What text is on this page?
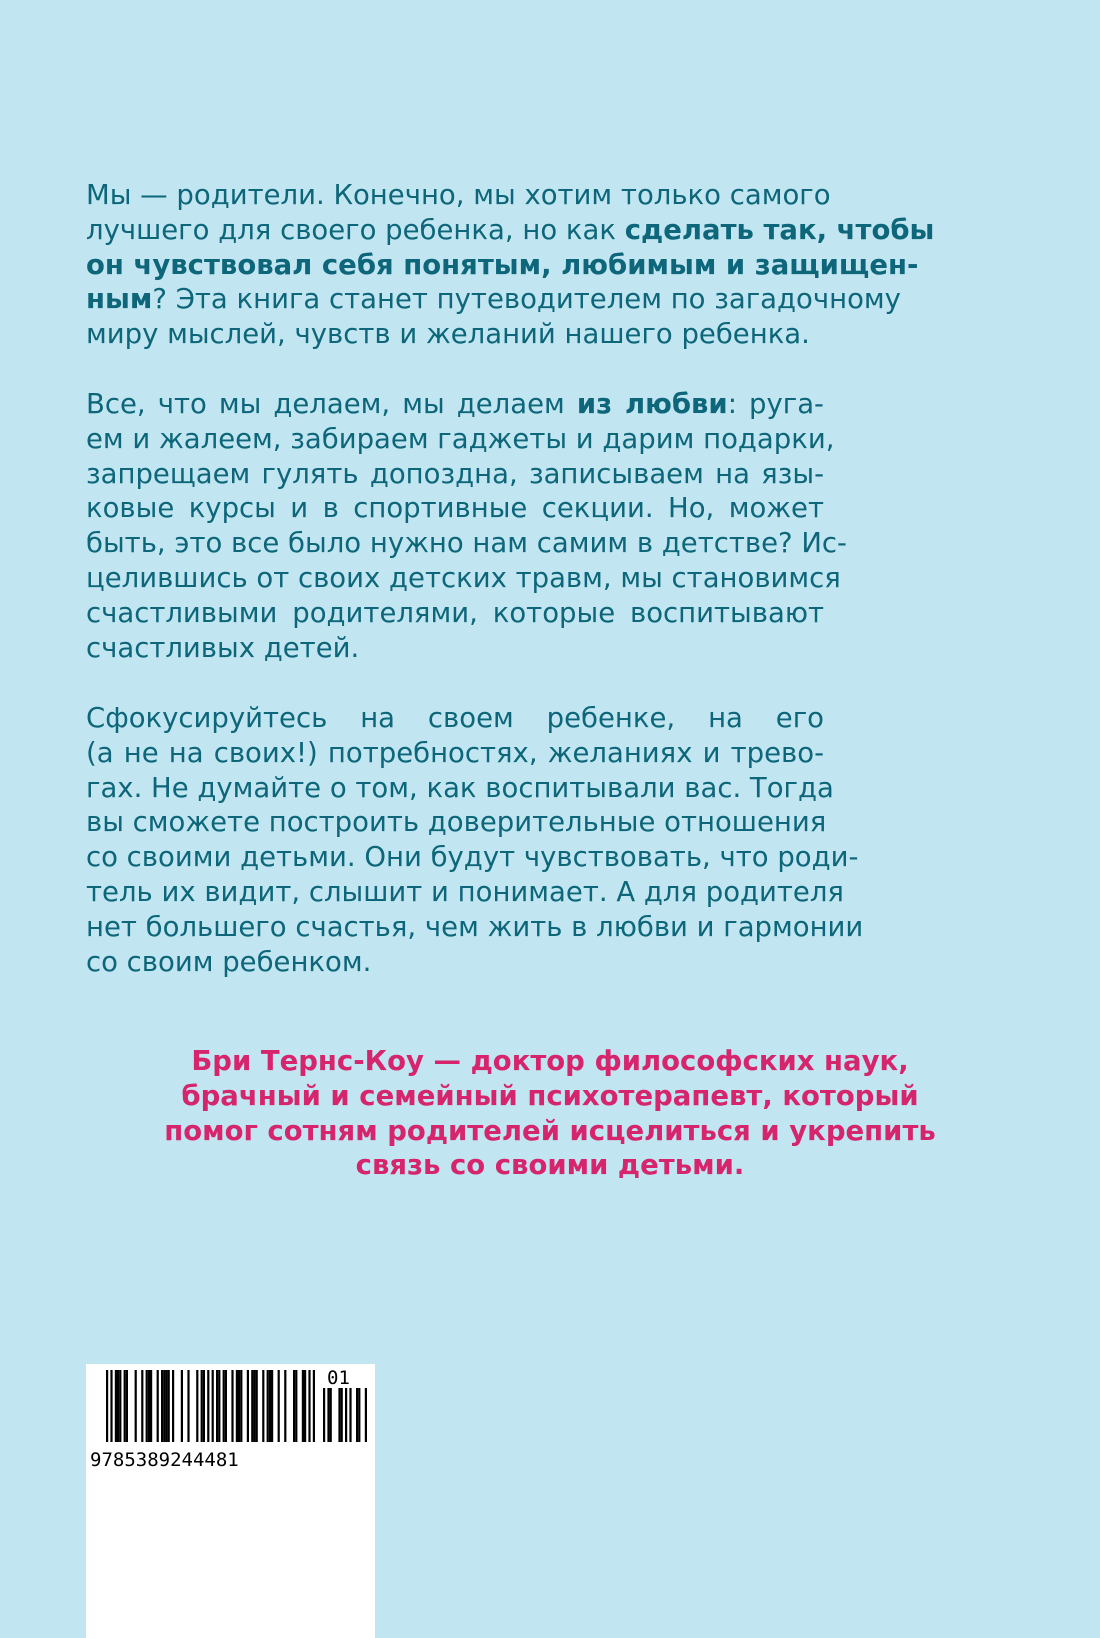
Мы — родители. Конечно, мы хотим только самого
лучшего для своего ребенка, но как сделать так, чтобы
он чувствовал себя понятым, любимым и защищен-
ным? Эта книга станет путеводителем по загадочному
миру мыслей, чувств и желаний нашего ребенка.
Все, что мы делаем, мы делаем из любви: руга-
ем и жалеем, забираем гаджеты и дарим подарки,
запрещаем гулять допоздна, записываем на язы-
ковые курсы и в спортивные секции. Но, может
быть, это все было нужно нам самим в детстве? Ис-
целившись от своих детских травм, мы становимся
счастливыми родителями, которые воспитывают
счастливых детей.
Сфокусируйтесь на своем ребенке, на его
(а не на своих!) потребностях, желаниях и трево-
гах. Не думайте о том, как воспитывали вас. Тогда
вы сможете построить доверительные отношения
со своими детьми. Они будут чувствовать, что роди-
тель их видит, слышит и понимает. А для родителя
нет большего счастья, чем жить в любви и гармонии
со своим ребенком.
Бри Тернс-Коу — доктор философских наук,
брачный и семейный психотерапевт, который
помог сотням родителей исцелиться и укрепить
связь со своими детьми.
9785389244481
01
